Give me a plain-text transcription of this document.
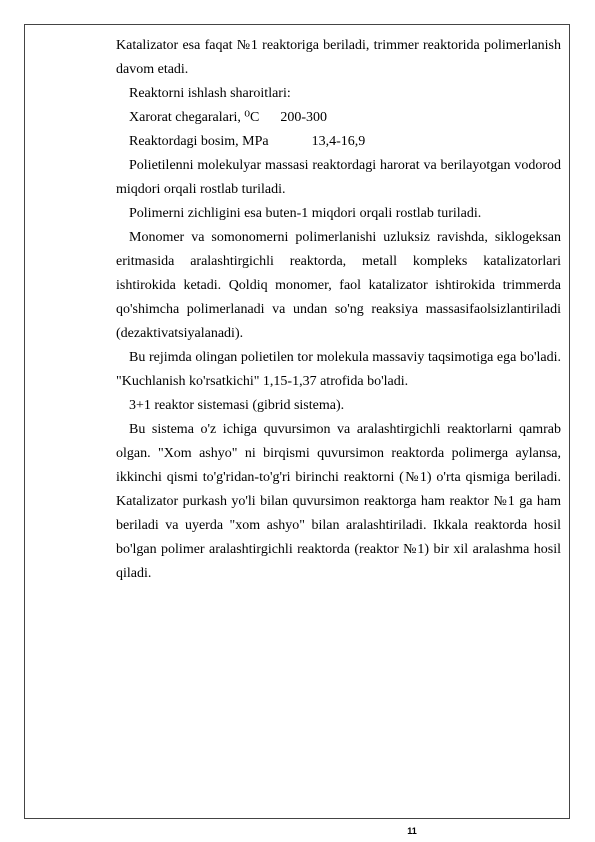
Katalizator esa faqat №1 reaktoriga beriladi, trimmer reaktorida polimerlanish davom etadi.

Reaktorni ishlash sharoitlari:

Xarorat chegaralari, ⁰C	200-300

Reaktordagi bosim, MPa	13,4-16,9

Polietilenni molekulyar massasi reaktordagi harorat va berilayotgan vodorod miqdori orqali rostlab turiladi.

Polimerni zichligini esa buten-1 miqdori orqali rostlab turiladi.

Monomer va somonomerni polimerlanishi uzluksiz ravishda, siklogeksan eritmasida aralashtirgichli reaktorda, metall kompleks katalizatorlari ishtirokida ketadi. Qoldiq monomer, faol katalizator ishtirokida trimmerda qo'shimcha polimerlanadi va undan so'ng reaksiya massasifaolsizlantiriladi (dezaktivatsiyalanadi).

Bu rejimda olingan polietilen tor molekula massaviy taqsimotiga ega bo'ladi. "Kuchlanish ko'rsatkichi" 1,15-1,37 atrofida bo'ladi.

3+1 reaktor sistemasi (gibrid sistema).

Bu sistema o'z ichiga quvursimon va aralashtirgichli reaktorlarni qamrab olgan. "Xom ashyo" ni birqismi quvursimon reaktorda polimerga aylansa, ikkinchi qismi to'g'ridan-to'g'ri birinchi reaktorni (№1) o'rta qismiga beriladi. Katalizator purkash yo'li bilan quvursimon reaktorga ham reaktor №1 ga ham beriladi va uyerda "xom ashyo" bilan aralashtiriladi. Ikkala reaktorda hosil bo'lgan polimer aralashtirgichli reaktorda (reaktor №1) bir xil aralashma hosil qiladi.

11
